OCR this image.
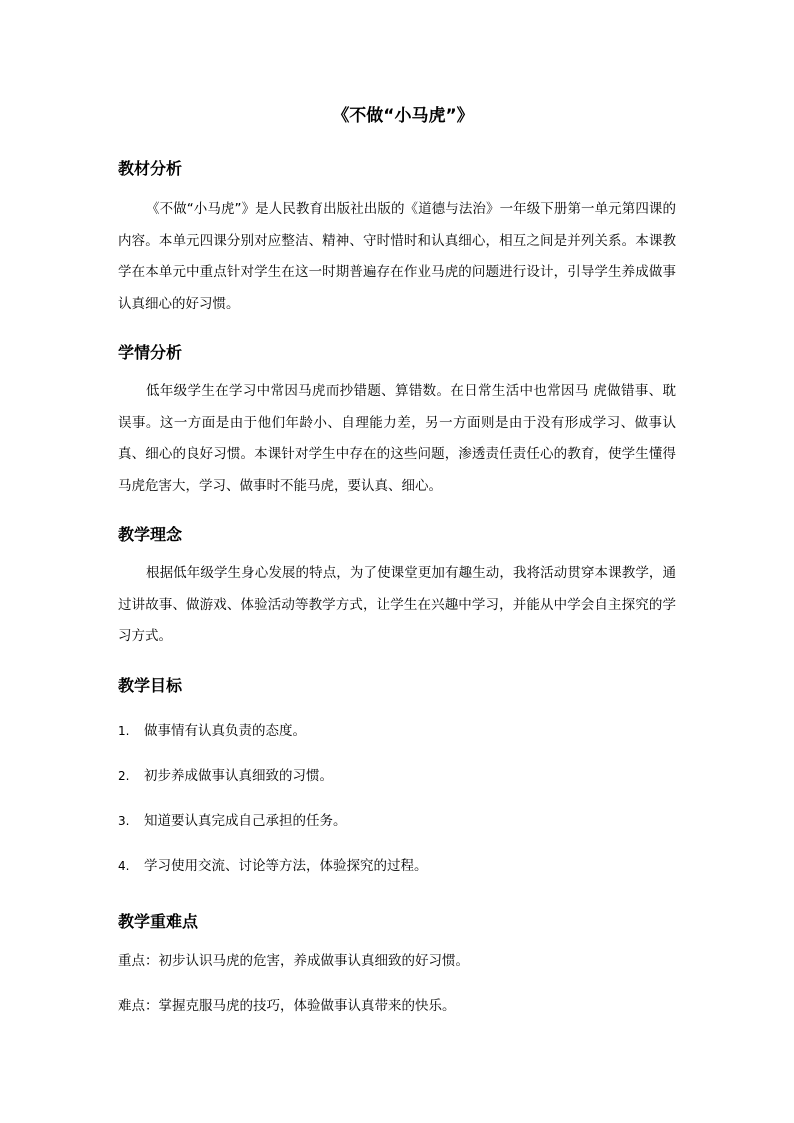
《不做“小马虎”》
教材分析

《不做“小马虎”》是人民教育出版社出版的《道德与法治》一年级下册第一单元第四课的内容。本单元四课分别对应整洁、精神、守时惜时和认真细心，相互之间是并列关系。本课教学在本单元中重点针对学生在这一时期普遍存在作业马虎的问题进行设计，引导学生养成做事认真细心的好习惯。

学情分析

低年级学生在学习中常因马虎而抄错题、算错数。在日常生活中也常因马 虎做错事、耽误事。这一方面是由于他们年龄小、自理能力差，另一方面则是由于没有形成学习、做事认真、细心的良好习惯。本课针对学生中存在的这些问题，渗透责任责任心的教育，使学生懂得马虎危害大，学习、做事时不能马虎，要认真、细心。

教学理念

根据低年级学生身心发展的特点，为了使课堂更加有趣生动，我将活动贯穿本课教学，通过讲故事、做游戏、体验活动等教学方式，让学生在兴趣中学习，并能从中学会自主探究的学习方式。

教学目标
1.	做事情有认真负责的态度。
2.	初步养成做事认真细致的习惯。
3.	知道要认真完成自己承担的任务。
4.	学习使用交流、讨论等方法，体验探究的过程。
教学重难点

重点：初步认识马虎的危害，养成做事认真细致的好习惯。

难点：掌握克服马虎的技巧，体验做事认真带来的快乐。
